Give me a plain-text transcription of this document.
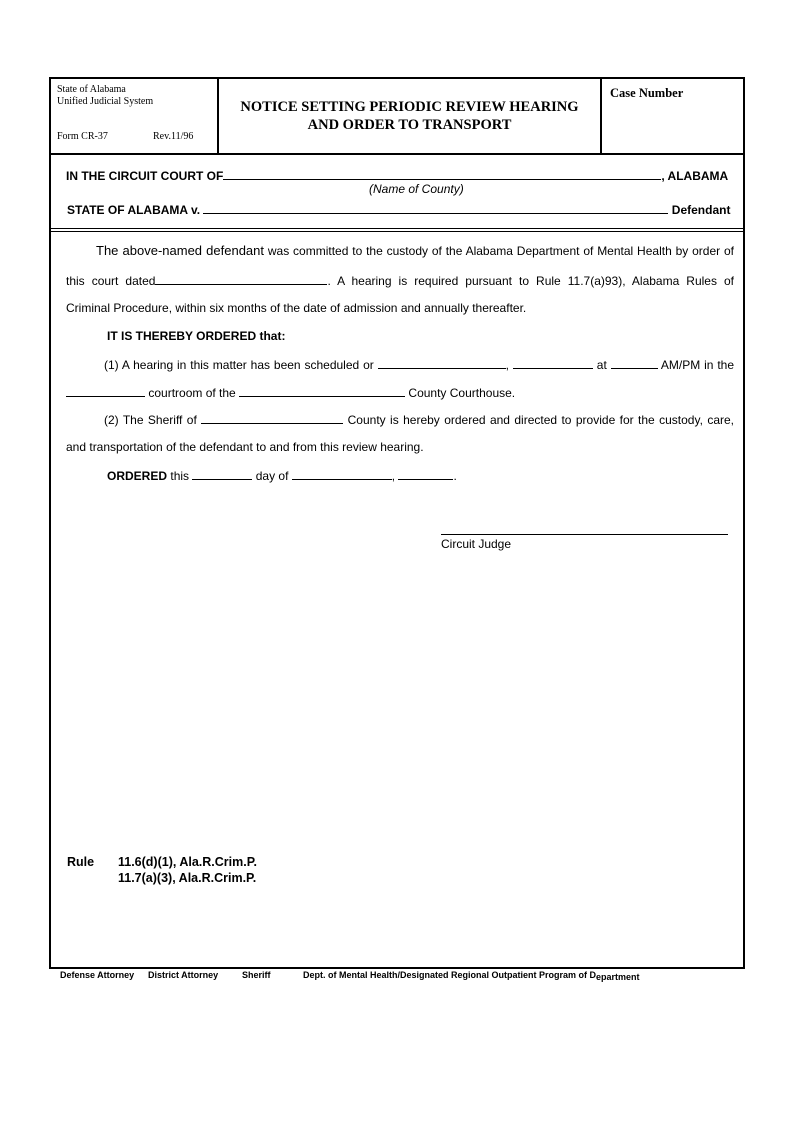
State of Alabama
Unified Judicial System
Form CR-37	Rev.11/96
NOTICE SETTING PERIODIC REVIEW HEARING
AND ORDER TO TRANSPORT
Case Number
IN THE CIRCUIT COURT OF	, ALABAMA
(Name of County)
STATE OF ALABAMA v.	Defendant
The above-named defendant was committed to the custody of the Alabama Department of Mental Health by order of
this court dated	. A hearing is required pursuant to Rule 11.7(a)93), Alabama Rules of
Criminal Procedure, within six months of the date of admission and annually thereafter.
IT IS THEREBY ORDERED that:
(1) A hearing in this matter has been scheduled or	,	at	AM/PM in the
courtroom of the	County Courthouse.
(2) The Sheriff of	County is hereby ordered and directed to provide for the custody, care,
and transportation of the defendant to and from this review hearing.
ORDERED this	day of	,	.
Circuit Judge
Rule 11.6(d)(1), Ala.R.Crim.P.
11.7(a)(3), Ala.R.Crim.P.
Defense Attorney District Attorney	Sheriff	Dept. of Mental Health/Designated Regional Outpatient Program of Department
